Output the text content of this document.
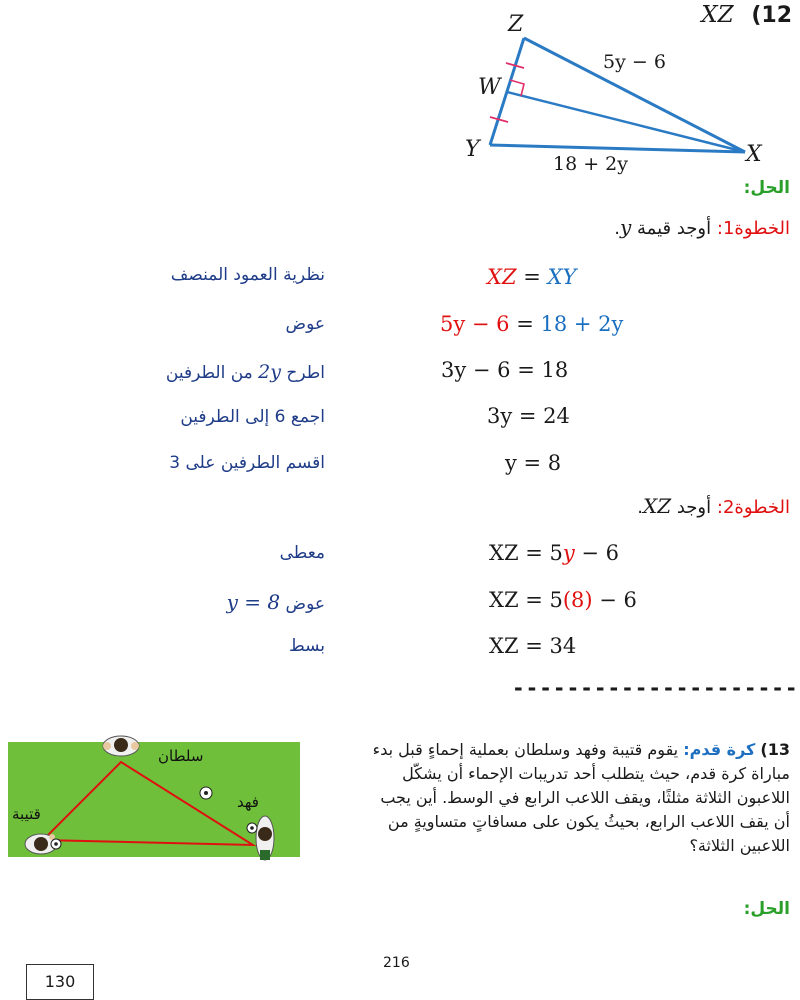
XZ (12
Z
W
Y	X
5y − 6
18 + 2y
الحل:
الخطوة1: أوجد قيمة y.
XZ = XY
نظرية العمود المنصف
5y − 6 = 18 + 2y
عوض
3y − 6 = 18
اطرح 2y من الطرفين
3y = 24
اجمع 6 إلى الطرفين
y = 8
اقسم الطرفين على 3
الخطوة2: أوجد XZ.
XZ = 5y − 6
معطى
XZ = 5(8) − 6
عوض y = 8
XZ = 34
بسط
---------------------
سلطان
فهد
قتيبة
13) كرة قدم: يقوم قتيبة وفهد وسلطان بعملية إحماءٍ قبل بدء مباراة كرة قدم، حيث يتطلب أحد تدريبات الإحماء أن يشكّل اللاعبون الثلاثة مثلثًا، ويقف اللاعب الرابع في الوسط. أين يجب أن يقف اللاعب الرابع، بحيثُ يكون على مسافاتٍ متساويةٍ من اللاعبين الثلاثة؟
الحل:
216
130
